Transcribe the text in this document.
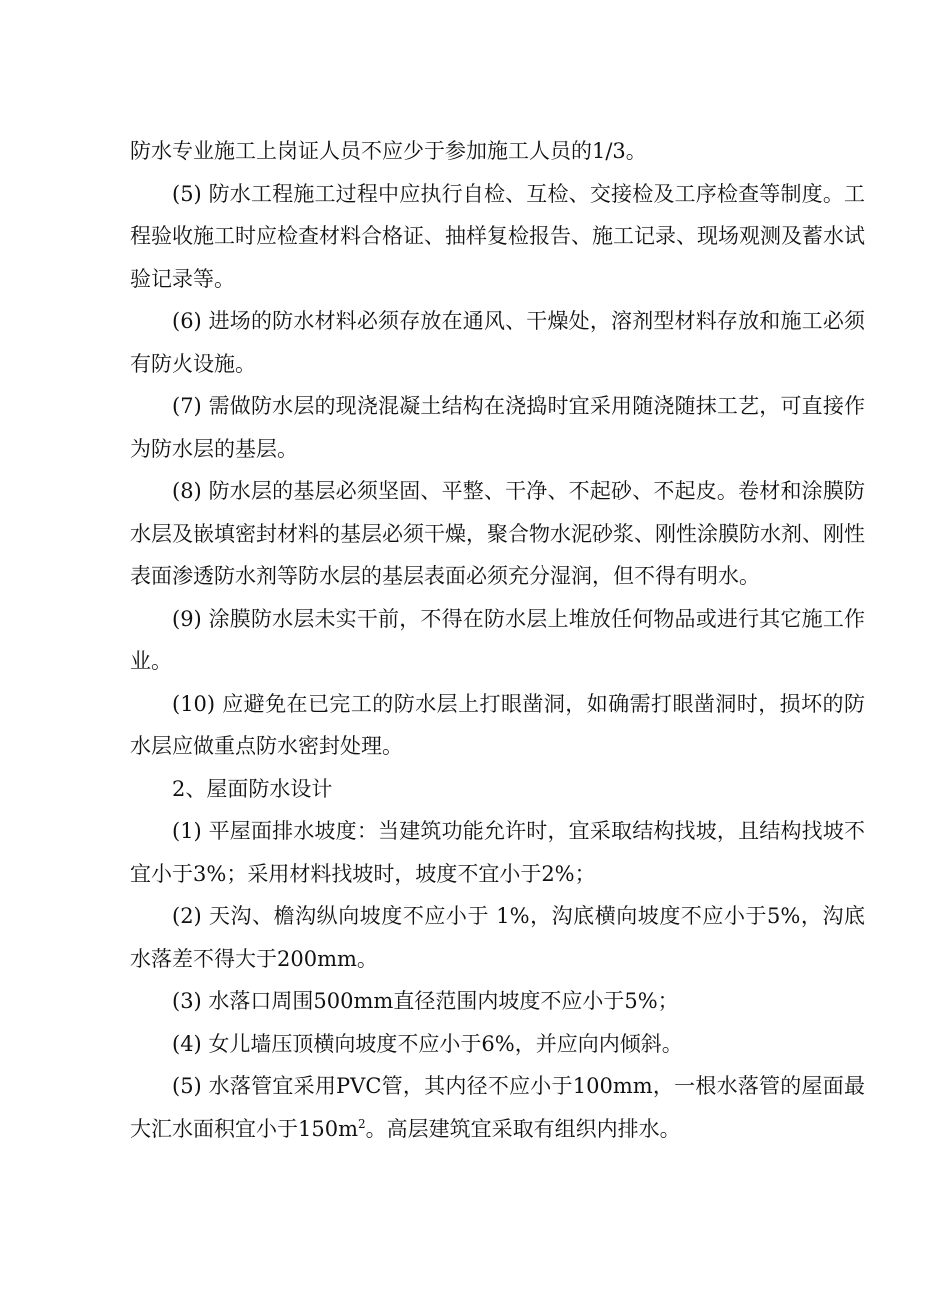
防水专业施工上岗证人员不应少于参加施工人员的1/3。

(5) 防水工程施工过程中应执行自检、互检、交接检及工序检查等制度。工程验收施工时应检查材料合格证、抽样复检报告、施工记录、现场观测及蓄水试验记录等。

(6) 进场的防水材料必须存放在通风、干燥处，溶剂型材料存放和施工必须有防火设施。

(7) 需做防水层的现浇混凝土结构在浇捣时宜采用随浇随抹工艺，可直接作为防水层的基层。

(8) 防水层的基层必须坚固、平整、干净、不起砂、不起皮。卷材和涂膜防水层及嵌填密封材料的基层必须干燥，聚合物水泥砂浆、刚性涂膜防水剂、刚性表面渗透防水剂等防水层的基层表面必须充分湿润，但不得有明水。

(9) 涂膜防水层未实干前，不得在防水层上堆放任何物品或进行其它施工作业。

(10) 应避免在已完工的防水层上打眼凿洞，如确需打眼凿洞时，损坏的防水层应做重点防水密封处理。

2、屋面防水设计

(1) 平屋面排水坡度：当建筑功能允许时，宜采取结构找坡，且结构找坡不宜小于3%；采用材料找坡时，坡度不宜小于2%；

(2) 天沟、檐沟纵向坡度不应小于 1%，沟底横向坡度不应小于5%，沟底水落差不得大于200mm。

(3) 水落口周围500mm直径范围内坡度不应小于5%；

(4) 女儿墙压顶横向坡度不应小于6%，并应向内倾斜。

(5) 水落管宜采用PVC管，其内径不应小于100mm，一根水落管的屋面最大汇水面积宜小于$150m^2$。高层建筑宜采取有组织内排水。
